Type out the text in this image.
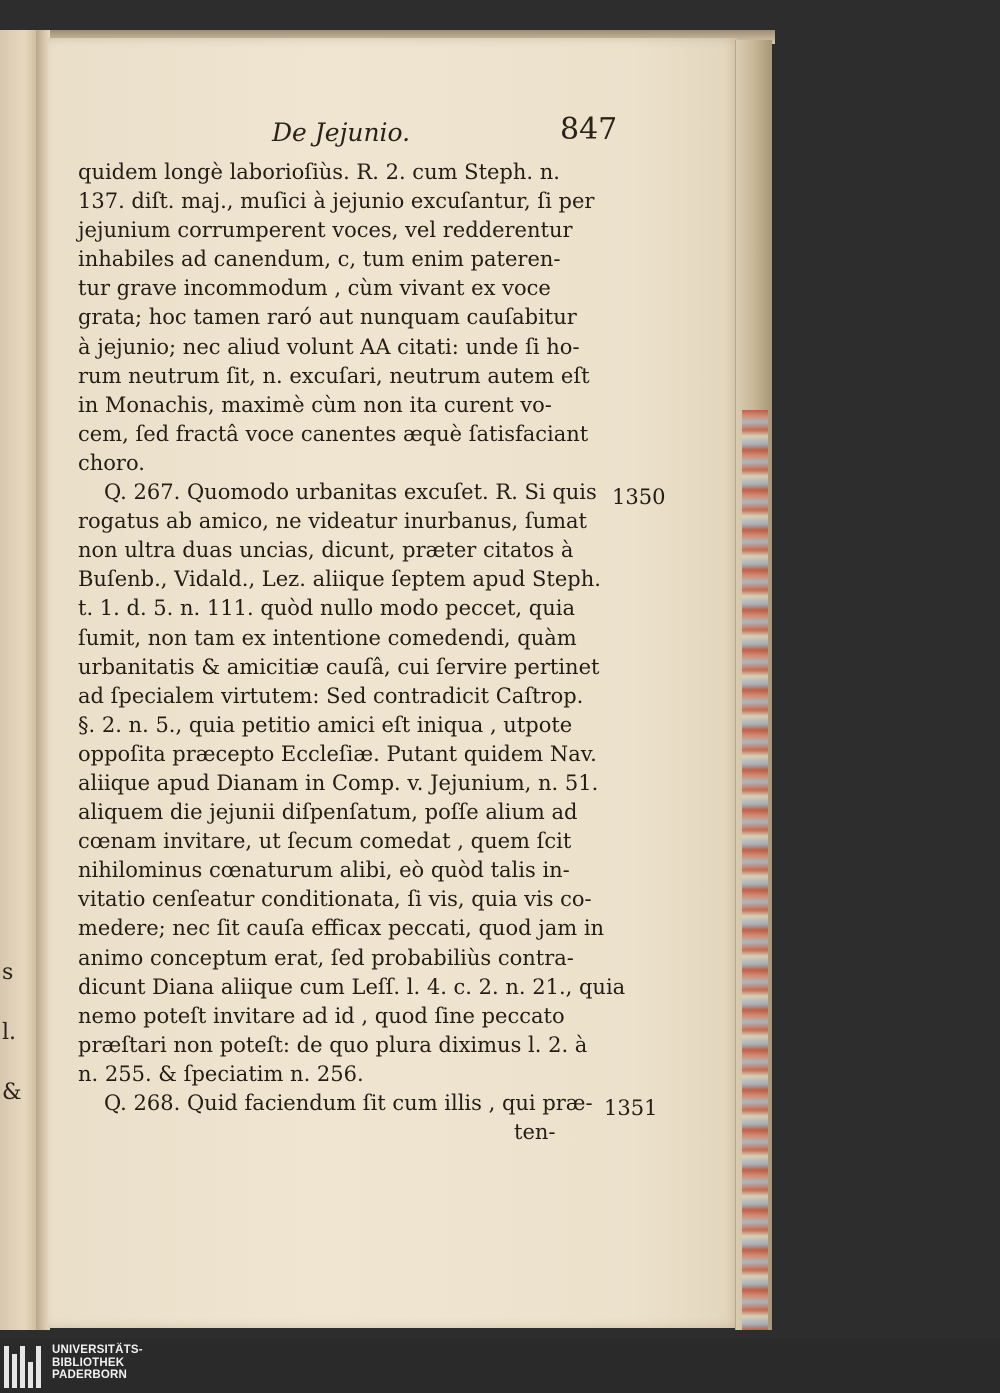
s
l.
&
De Jejunio.	847
quidem longè laborioſiùs. R. 2. cum Steph. n.
137. diſt. maj., muſici à jejunio excuſantur, ſi per
jejunium corrumperent voces, vel redderentur
inhabiles ad canendum, c, tum enim pateren-
tur grave incommodum , cùm vivant ex voce
grata; hoc tamen raró aut nunquam cauſabitur
à jejunio; nec aliud volunt AA citati: unde ſi ho-
rum neutrum ſit, n. excuſari, neutrum autem eſt
in Monachis, maximè cùm non ita curent vo-
cem, ſed fractâ voce canentes æquè ſatisfaciant
choro.
Q. 267. Quomodo urbanitas excuſet. R. Si quis
rogatus ab amico, ne videatur inurbanus, ſumat
non ultra duas uncias, dicunt, præter citatos à
Buſenb., Vidald., Lez. aliique ſeptem apud Steph.
t. 1. d. 5. n. 111. quòd nullo modo peccet, quia
ſumit, non tam ex intentione comedendi, quàm
urbanitatis & amicitiæ cauſâ, cui ſervire pertinet
ad ſpecialem virtutem: Sed contradicit Caſtrop.
§. 2. n. 5., quia petitio amici eſt iniqua , utpote
oppoſita præcepto Eccleſiæ. Putant quidem Nav.
aliique apud Dianam in Comp. v. Jejunium, n. 51.
aliquem die jejunii diſpenſatum, poſſe alium ad
cœnam invitare, ut ſecum comedat , quem ſcit
nihilominus cœnaturum alibi, eò quòd talis in-
vitatio cenſeatur conditionata, ſi vis, quia vis co-
medere; nec ſit cauſa efficax peccati, quod jam in
animo conceptum erat, ſed probabiliùs contra-
dicunt Diana aliique cum Leſſ. l. 4. c. 2. n. 21., quia
nemo poteſt invitare ad id , quod ſine peccato
præſtari non poteſt: de quo plura diximus l. 2. à
n. 255. & ſpeciatim n. 256.
Q. 268. Quid faciendum ſit cum illis , qui præ-
ten-
1350
1351
UNIVERSITÄTS-
BIBLIOTHEK
PADERBORN
